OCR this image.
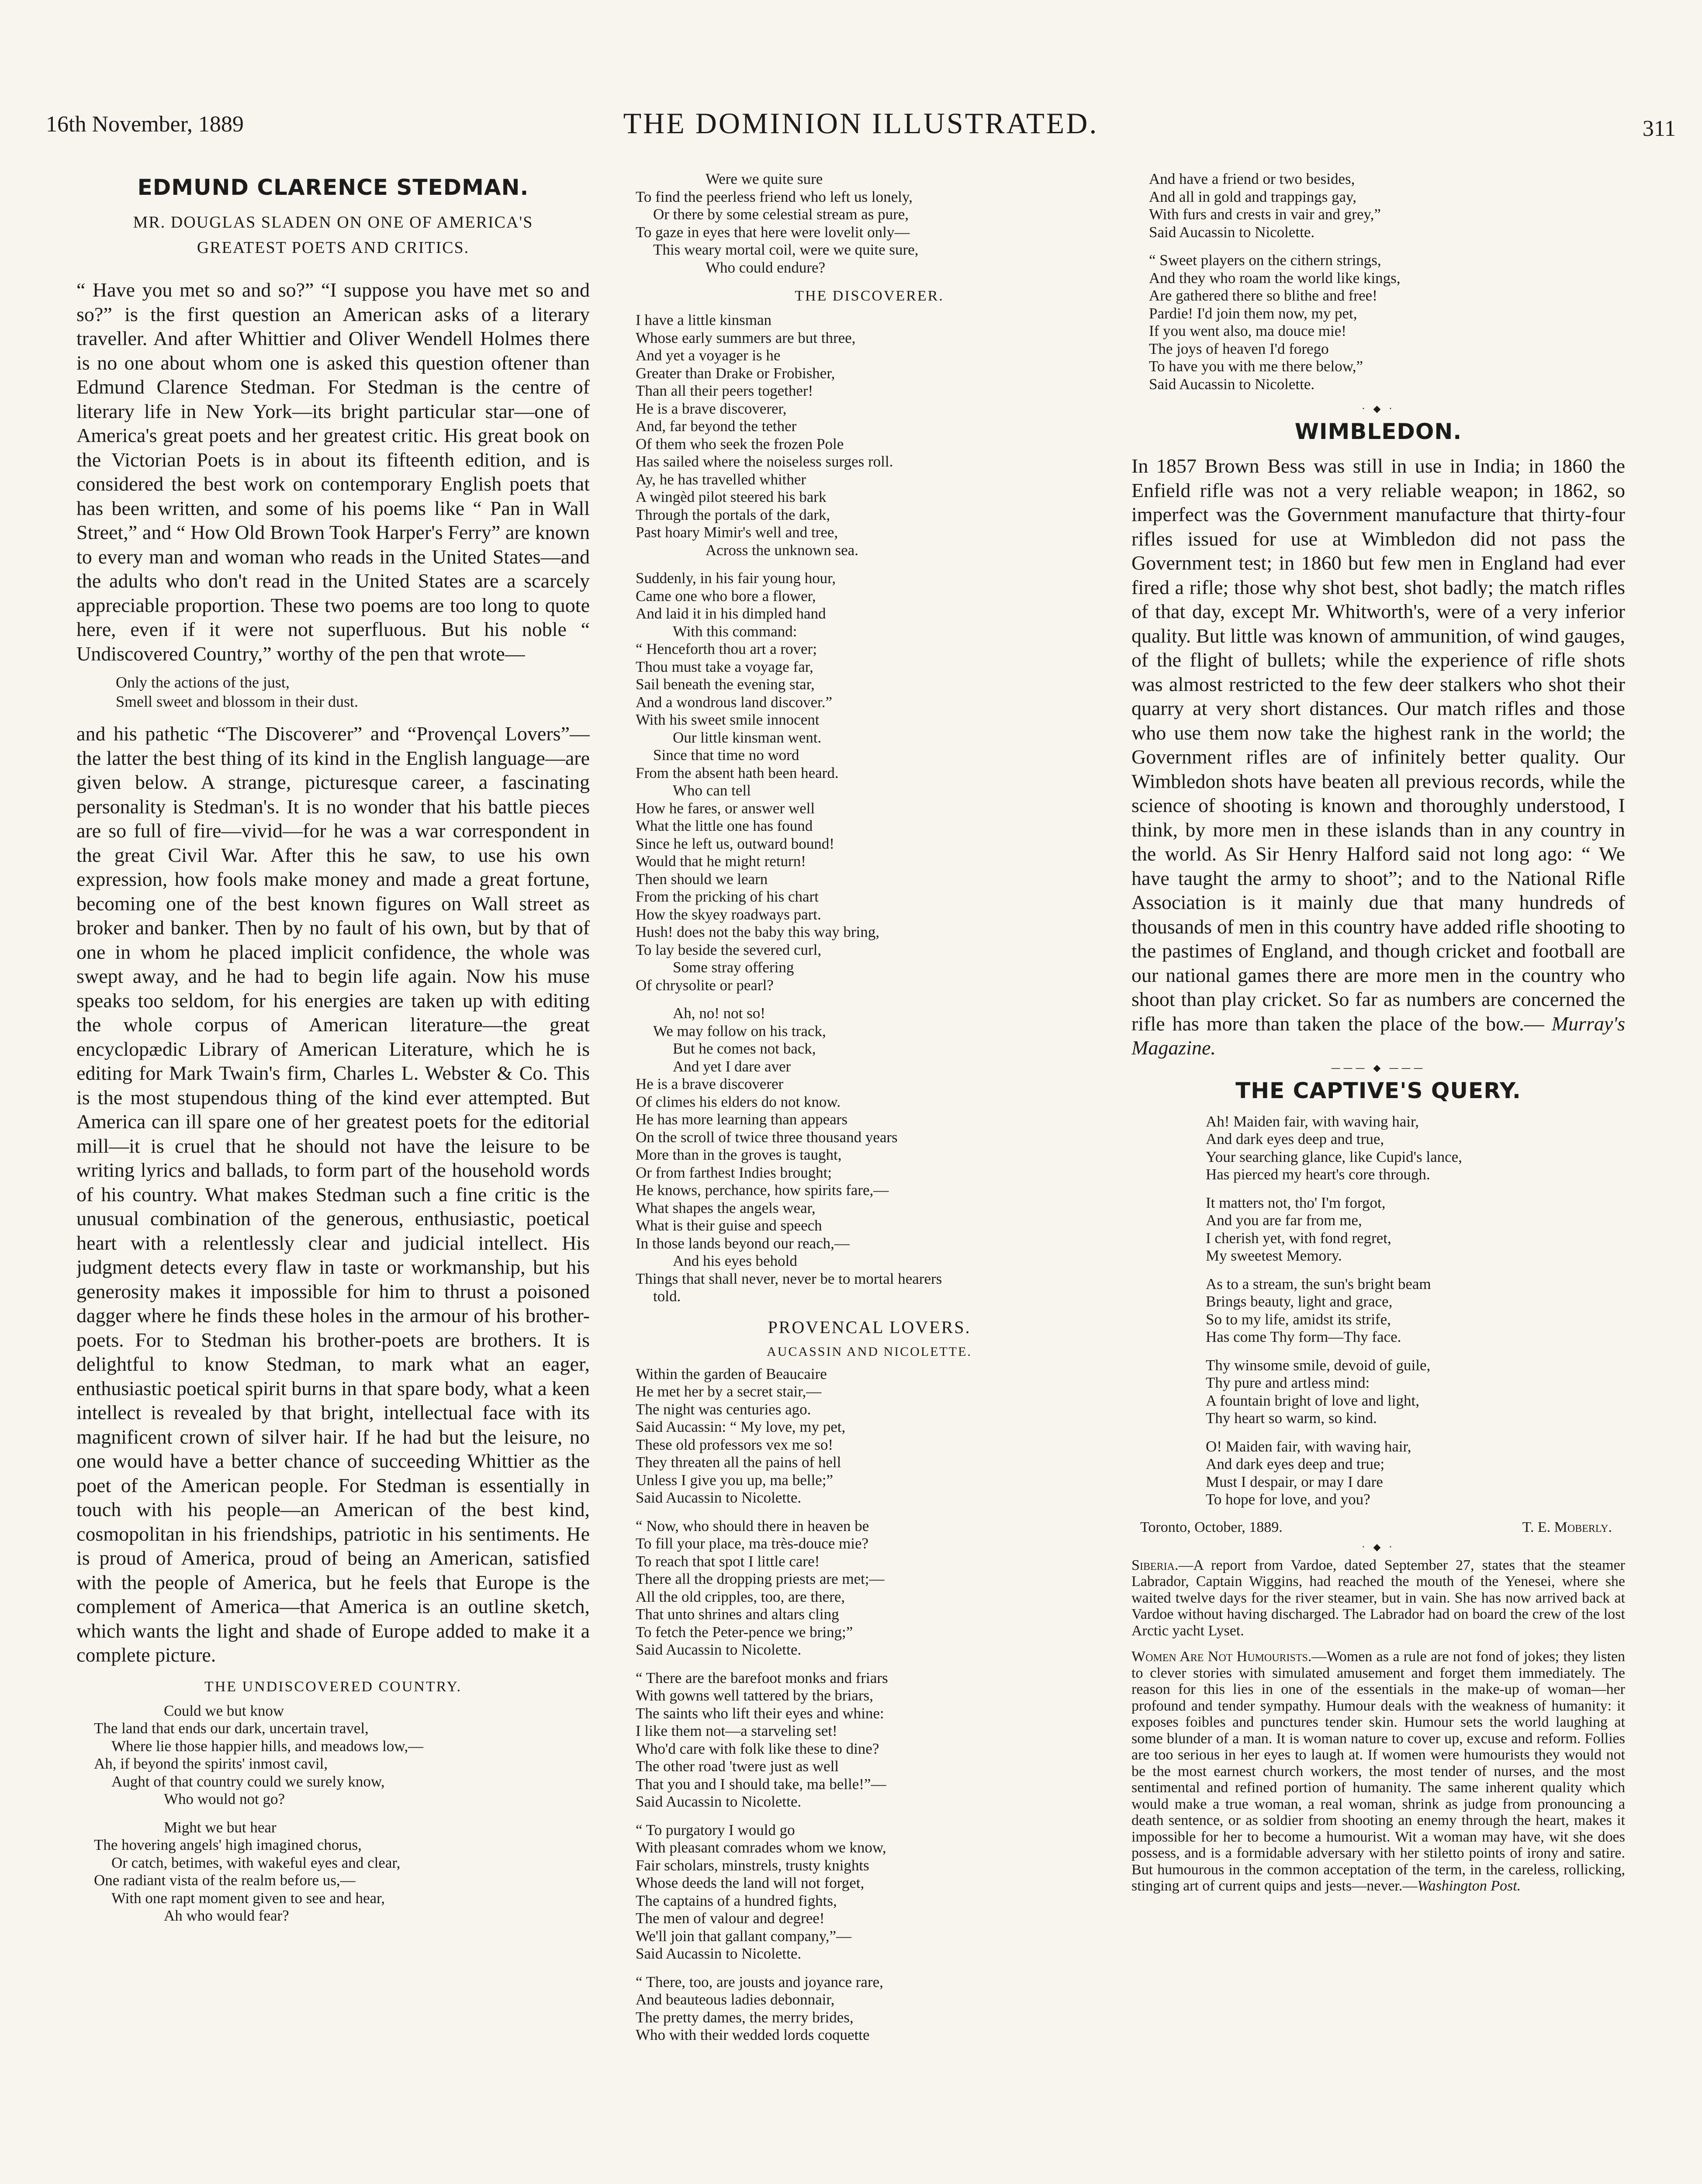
16th November, 1889	THE DOMINION ILLUSTRATED.	311
EDMUND CLARENCE STEDMAN.
MR. DOUGLAS SLADEN ON ONE OF AMERICA'S GREATEST POETS AND CRITICS.

“ Have you met so and so?” “I suppose you have met so and so?” is the first question an American asks of a literary traveller. And after Whittier and Oliver Wendell Holmes there is no one about whom one is asked this question oftener than Edmund Clarence Stedman. For Stedman is the centre of literary life in New York—its bright particular star—one of America's great poets and her greatest critic. His great book on the Victorian Poets is in about its fifteenth edition, and is considered the best work on contemporary English poets that has been written, and some of his poems like “ Pan in Wall Street,” and “ How Old Brown Took Harper's Ferry” are known to every man and woman who reads in the United States—and the adults who don't read in the United States are a scarcely appreciable proportion. These two poems are too long to quote here, even if it were not superfluous. But his noble “ Undiscovered Country,” worthy of the pen that wrote—

Only the actions of the just,
Smell sweet and blossom in their dust.

and his pathetic “The Discoverer” and “Provençal Lovers”—the latter the best thing of its kind in the English language—are given below. A strange, picturesque career, a fascinating personality is Stedman's. It is no wonder that his battle pieces are so full of fire—vivid—for he was a war correspondent in the great Civil War. After this he saw, to use his own expression, how fools make money and made a great fortune, becoming one of the best known figures on Wall street as broker and banker. Then by no fault of his own, but by that of one in whom he placed implicit confidence, the whole was swept away, and he had to begin life again. Now his muse speaks too seldom, for his energies are taken up with editing the whole corpus of American literature—the great encyclopædic Library of American Literature, which he is editing for Mark Twain's firm, Charles L. Webster & Co. This is the most stupendous thing of the kind ever attempted. But America can ill spare one of her greatest poets for the editorial mill—it is cruel that he should not have the leisure to be writing lyrics and ballads, to form part of the household words of his country. What makes Stedman such a fine critic is the unusual combination of the generous, enthusiastic, poetical heart with a relentlessly clear and judicial intellect. His judgment detects every flaw in taste or workmanship, but his generosity makes it impossible for him to thrust a poisoned dagger where he finds these holes in the armour of his brother-poets. For to Stedman his brother-poets are brothers. It is delightful to know Stedman, to mark what an eager, enthusiastic poetical spirit burns in that spare body, what a keen intellect is revealed by that bright, intellectual face with its magnificent crown of silver hair. If he had but the leisure, no one would have a better chance of succeeding Whittier as the poet of the American people. For Stedman is essentially in touch with his people—an American of the best kind, cosmopolitan in his friendships, patriotic in his sentiments. He is proud of America, proud of being an American, satisfied with the people of America, but he feels that Europe is the complement of America—that America is an outline sketch, which wants the light and shade of Europe added to make it a complete picture.

THE UNDISCOVERED COUNTRY.
Could we but know
The land that ends our dark, uncertain travel,
Where lie those happier hills, and meadows low,—
Ah, if beyond the spirits' inmost cavil,
Aught of that country could we surely know,
Who would not go?
Might we but hear
The hovering angels' high imagined chorus,
Or catch, betimes, with wakeful eyes and clear,
One radiant vista of the realm before us,—
With one rapt moment given to see and hear,
Ah who would fear?
Were we quite sure
To find the peerless friend who left us lonely,
Or there by some celestial stream as pure,
To gaze in eyes that here were lovelit only—
This weary mortal coil, were we quite sure,
Who could endure?
THE DISCOVERER.
I have a little kinsman
Whose early summers are but three,
And yet a voyager is he
Greater than Drake or Frobisher,
Than all their peers together!
He is a brave discoverer,
And, far beyond the tether
Of them who seek the frozen Pole
Has sailed where the noiseless surges roll.
Ay, he has travelled whither
A wingèd pilot steered his bark
Through the portals of the dark,
Past hoary Mimir's well and tree,
Across the unknown sea.
Suddenly, in his fair young hour,
Came one who bore a flower,
And laid it in his dimpled hand
With this command:
“ Henceforth thou art a rover;
Thou must take a voyage far,
Sail beneath the evening star,
And a wondrous land discover.”
With his sweet smile innocent
Our little kinsman went.
Since that time no word
From the absent hath been heard.
Who can tell
How he fares, or answer well
What the little one has found
Since he left us, outward bound!
Would that he might return!
Then should we learn
From the pricking of his chart
How the skyey roadways part.
Hush! does not the baby this way bring,
To lay beside the severed curl,
Some stray offering
Of chrysolite or pearl?
Ah, no! not so!
We may follow on his track,
But he comes not back,
And yet I dare aver
He is a brave discoverer
Of climes his elders do not know.
He has more learning than appears
On the scroll of twice three thousand years
More than in the groves is taught,
Or from farthest Indies brought;
He knows, perchance, how spirits fare,—
What shapes the angels wear,
What is their guise and speech
In those lands beyond our reach,—
And his eyes behold
Things that shall never, never be to mortal hearers
told.
PROVENCAL LOVERS.
AUCASSIN AND NICOLETTE.
Within the garden of Beaucaire
He met her by a secret stair,—
The night was centuries ago.
Said Aucassin: “ My love, my pet,
These old professors vex me so!
They threaten all the pains of hell
Unless I give you up, ma belle;”
Said Aucassin to Nicolette.
“ Now, who should there in heaven be
To fill your place, ma très-douce mie?
To reach that spot I little care!
There all the dropping priests are met;—
All the old cripples, too, are there,
That unto shrines and altars cling
To fetch the Peter-pence we bring;”
Said Aucassin to Nicolette.
“ There are the barefoot monks and friars
With gowns well tattered by the briars,
The saints who lift their eyes and whine:
I like them not—a starveling set!
Who'd care with folk like these to dine?
The other road 'twere just as well
That you and I should take, ma belle!”—
Said Aucassin to Nicolette.
“ To purgatory I would go
With pleasant comrades whom we know,
Fair scholars, minstrels, trusty knights
Whose deeds the land will not forget,
The captains of a hundred fights,
The men of valour and degree!
We'll join that gallant company,”—
Said Aucassin to Nicolette.
“ There, too, are jousts and joyance rare,
And beauteous ladies debonnair,
The pretty dames, the merry brides,
Who with their wedded lords coquette
And have a friend or two besides,
And all in gold and trappings gay,
With furs and crests in vair and grey,”
Said Aucassin to Nicolette.
“ Sweet players on the cithern strings,
And they who roam the world like kings,
Are gathered there so blithe and free!
Pardie! I'd join them now, my pet,
If you went also, ma douce mie!
The joys of heaven I'd forego
To have you with me there below,”
Said Aucassin to Nicolette.
· ◆ ·
WIMBLEDON.

In 1857 Brown Bess was still in use in India; in 1860 the Enfield rifle was not a very reliable weapon; in 1862, so imperfect was the Government manufacture that thirty-four rifles issued for use at Wimbledon did not pass the Government test; in 1860 but few men in England had ever fired a rifle; those why shot best, shot badly; the match rifles of that day, except Mr. Whitworth's, were of a very inferior quality. But little was known of ammunition, of wind gauges, of the flight of bullets; while the experience of rifle shots was almost restricted to the few deer stalkers who shot their quarry at very short distances. Our match rifles and those who use them now take the highest rank in the world; the Government rifles are of infinitely better quality. Our Wimbledon shots have beaten all previous records, while the science of shooting is known and thoroughly understood, I think, by more men in these islands than in any country in the world. As Sir Henry Halford said not long ago: “ We have taught the army to shoot”; and to the National Rifle Association is it mainly due that many hundreds of thousands of men in this country have added rifle shooting to the pastimes of England, and though cricket and football are our national games there are more men in the country who shoot than play cricket. So far as numbers are concerned the rifle has more than taken the place of the bow.— Murray's Magazine.

——— ◆ ———
THE CAPTIVE'S QUERY.
Ah! Maiden fair, with waving hair,
And dark eyes deep and true,
Your searching glance, like Cupid's lance,
Has pierced my heart's core through.
It matters not, tho' I'm forgot,
And you are far from me,
I cherish yet, with fond regret,
My sweetest Memory.
As to a stream, the sun's bright beam
Brings beauty, light and grace,
So to my life, amidst its strife,
Has come Thy form—Thy face.
Thy winsome smile, devoid of guile,
Thy pure and artless mind:
A fountain bright of love and light,
Thy heart so warm, so kind.
O! Maiden fair, with waving hair,
And dark eyes deep and true;
Must I despair, or may I dare
To hope for love, and you?
Toronto, October, 1889.	T. E. Moberly.
· ◆ ·

Siberia.—A report from Vardoe, dated September 27, states that the steamer Labrador, Captain Wiggins, had reached the mouth of the Yenesei, where she waited twelve days for the river steamer, but in vain. She has now arrived back at Vardoe without having discharged. The Labrador had on board the crew of the lost Arctic yacht Lyset.

Women Are Not Humourists.—Women as a rule are not fond of jokes; they listen to clever stories with simulated amusement and forget them immediately. The reason for this lies in one of the essentials in the make-up of woman—her profound and tender sympathy. Humour deals with the weakness of humanity: it exposes foibles and punctures tender skin. Humour sets the world laughing at some blunder of a man. It is woman nature to cover up, excuse and reform. Follies are too serious in her eyes to laugh at. If women were humourists they would not be the most earnest church workers, the most tender of nurses, and the most sentimental and refined portion of humanity. The same inherent quality which would make a true woman, a real woman, shrink as judge from pronouncing a death sentence, or as soldier from shooting an enemy through the heart, makes it impossible for her to become a humourist. Wit a woman may have, wit she does possess, and is a formidable adversary with her stiletto points of irony and satire. But humourous in the common acceptation of the term, in the careless, rollicking, stinging art of current quips and jests—never.—Washington Post.
